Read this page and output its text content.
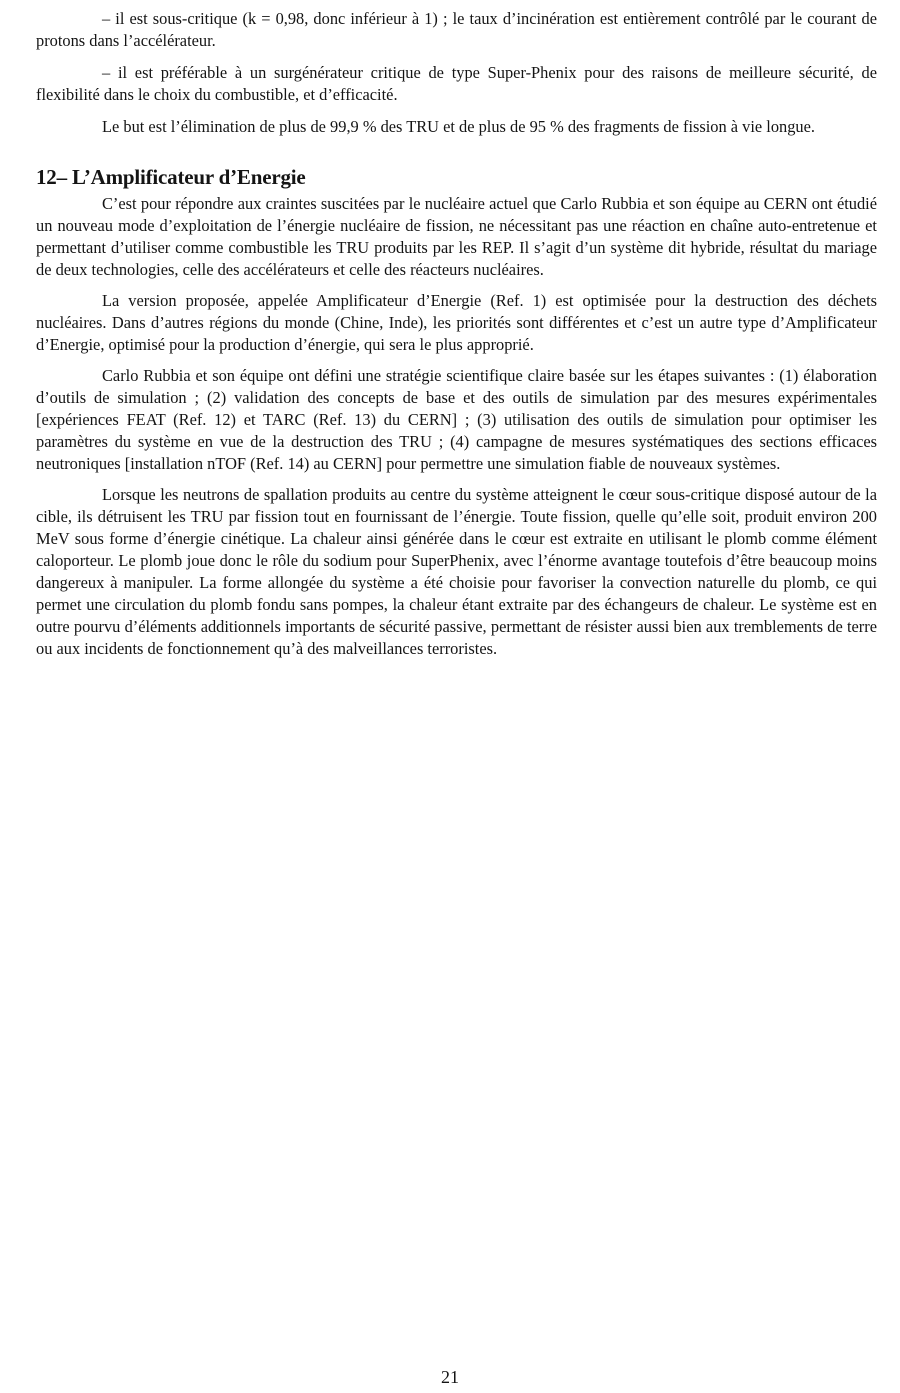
– il est sous-critique (k = 0,98, donc inférieur à 1) ; le taux d’incinération est entièrement contrôlé par le courant de protons dans l’accélérateur.

– il est préférable à un surgénérateur critique de type Super-Phenix pour des raisons de meilleure sécurité, de flexibilité dans le choix du combustible, et d’efficacité.

Le but est l’élimination de plus de 99,9 % des TRU et de plus de 95 % des fragments de fission à vie longue.

12– L’Amplificateur d’Energie

C’est pour répondre aux craintes suscitées par le nucléaire actuel que Carlo Rubbia et son équipe au CERN ont étudié un nouveau mode d’exploitation de l’énergie nucléaire de fission, ne nécessitant pas une réaction en chaîne auto-entretenue et permettant d’utiliser comme combustible les TRU produits par les REP. Il s’agit d’un système dit hybride, résultat du mariage de deux technologies, celle des accélérateurs et celle des réacteurs nucléaires.

La version proposée, appelée Amplificateur d’Energie (Ref. 1) est optimisée pour la destruction des déchets nucléaires. Dans d’autres régions du monde (Chine, Inde), les priorités sont différentes et c’est un autre type d’Amplificateur d’Energie, optimisé pour la production d’énergie, qui sera le plus approprié.

Carlo Rubbia et son équipe ont défini une stratégie scientifique claire basée sur les étapes suivantes : (1) élaboration d’outils de simulation ; (2) validation des concepts de base et des outils de simulation par des mesures expérimentales [expériences FEAT (Ref. 12) et TARC (Ref. 13) du CERN] ; (3) utilisation des outils de simulation pour optimiser les paramètres du système en vue de la destruction des TRU ; (4) campagne de mesures systématiques des sections efficaces neutroniques [installation nTOF (Ref. 14) au CERN] pour permettre une simulation fiable de nouveaux systèmes.

Lorsque les neutrons de spallation produits au centre du système atteignent le cœur sous-critique disposé autour de la cible, ils détruisent les TRU par fission tout en fournissant de l’énergie. Toute fission, quelle qu’elle soit, produit environ 200 MeV sous forme d’énergie cinétique. La chaleur ainsi générée dans le cœur est extraite en utilisant le plomb comme élément caloporteur. Le plomb joue donc le rôle du sodium pour SuperPhenix, avec l’énorme avantage toutefois d’être beaucoup moins dangereux à manipuler. La forme allongée du système a été choisie pour favoriser la convection naturelle du plomb, ce qui permet une circulation du plomb fondu sans pompes, la chaleur étant extraite par des échangeurs de chaleur. Le système est en outre pourvu d’éléments additionnels importants de sécurité passive, permettant de résister aussi bien aux tremblements de terre ou aux incidents de fonctionnement qu’à des malveillances terroristes.

21
